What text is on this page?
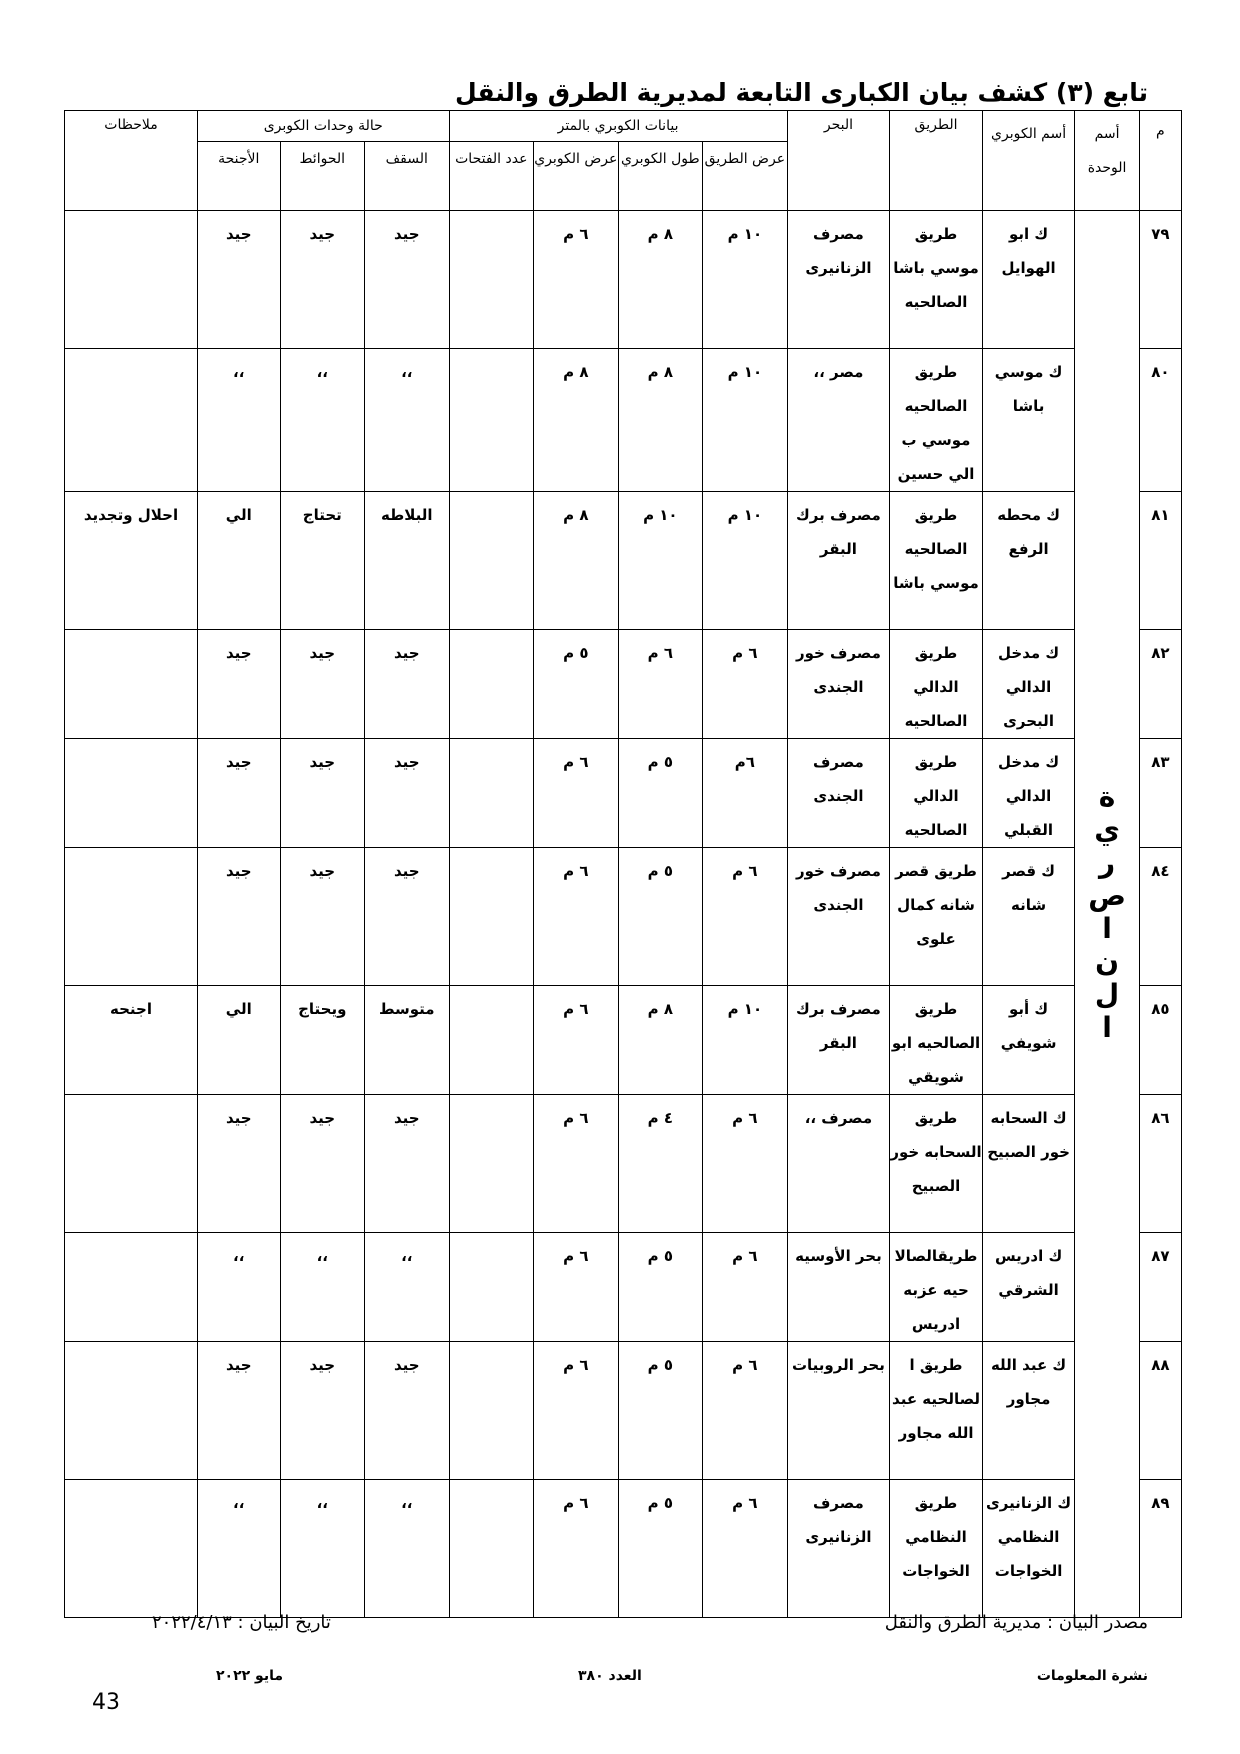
تابع (٣) كشف بيان الكبارى التابعة لمديرية الطرق والنقل
م	أسم الوحدة	أسم الكوبري	الطريق	البحر	بيانات الكوبري بالمتر				حالة وحدات الكوبرى			ملاحظات
					عرض الطريق	طول الكوبري	عرض الكوبري	عدد الفتحات	السقف	الحوائط	الأجنحة	
٧٩	الناصرية	ك ابو الهوايل	طريق موسي باشا الصالحيه	مصرف الزنانيرى	١٠ م	٨ م	٦ م		جيد	جيد	جيد	
٨٠		ك موسي باشا	طريق الصالحيه موسي ب الي حسين	مصر ،،	١٠ م	٨ م	٨ م		،،	،،	،،	
٨١		ك محطه الرفع	طريق الصالحيه موسي باشا	مصرف برك البقر	١٠ م	١٠ م	٨ م		البلاطه	تحتاج	الي	احلال وتجديد
٨٢		ك مدخل الدالي البحرى	طريق الدالي الصالحيه	مصرف خور الجندى	٦ م	٦ م	٥ م		جيد	جيد	جيد	
٨٣		ك مدخل الدالي القبلي	طريق الدالي الصالحيه	مصرف الجندى	٦م	٥ م	٦ م		جيد	جيد	جيد	
٨٤		ك قصر شانه	طريق قصر شانه كمال علوى	مصرف خور الجندى	٦ م	٥ م	٦ م		جيد	جيد	جيد	
٨٥		ك أبو شويفي	طريق الصالحيه ابو شويقي	مصرف برك البقر	١٠ م	٨ م	٦ م		متوسط	ويحتاج	الي	اجنحه
٨٦		ك السحابه خور الصبيح	طريق السحابه خور الصبيح	مصرف ،،	٦ م	٤ م	٦ م		جيد	جيد	جيد	
٨٧		ك ادريس الشرقي	طريقالصالا حيه عزبه ادريس	بحر الأوسيه	٦ م	٥ م	٦ م		،،	،،	،،	
٨٨		ك عبد الله مجاور	طريق ا لصالحيه عبد الله مجاور	بحر الروبيات	٦ م	٥ م	٦ م		جيد	جيد	جيد	
٨٩		ك الزنانيرى النظامي الخواجات	طريق النظامي الخواجات	مصرف الزنانيرى	٦ م	٥ م	٦ م		،،	،،	،،	
مصدر البيان : مديرية الطرق والنقل
تاريخ البيان : ٢٠٢٢/٤/١٣
نشرة المعلومات
العدد ٣٨٠
مايو ٢٠٢٢
43
